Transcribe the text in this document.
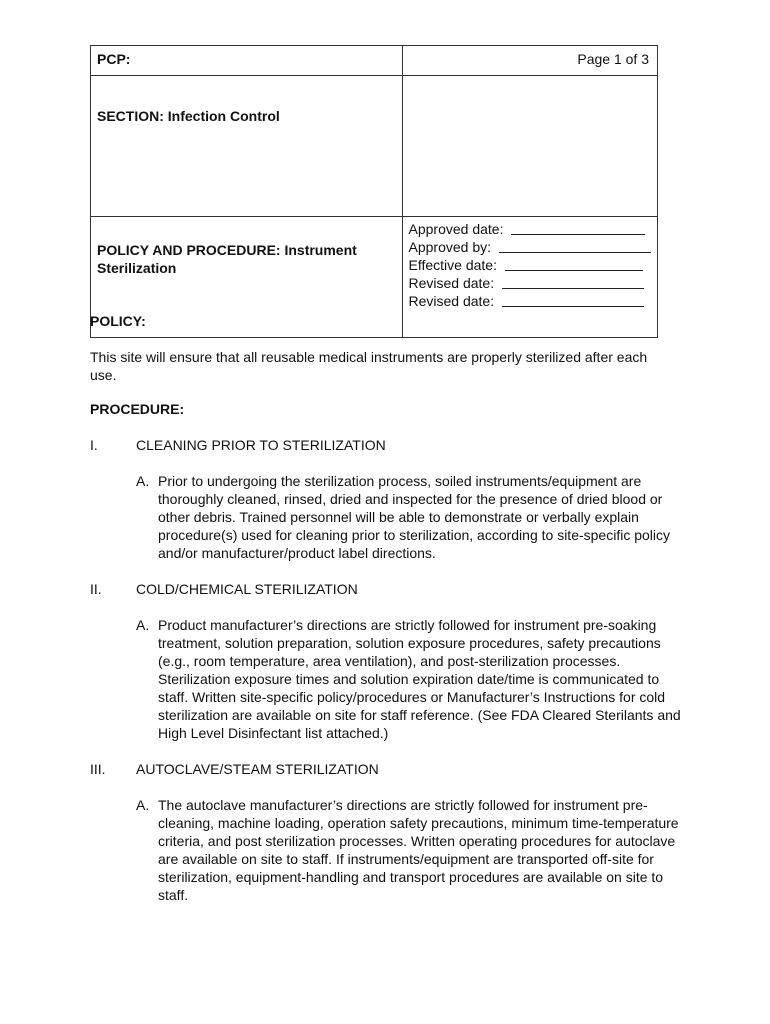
PCP:	Page 1 of 3
SECTION: Infection Control	
POLICY AND PROCEDURE: Instrument Sterilization	Approved date:
Approved by:
Effective date:
Revised date:
Revised date:

POLICY:

This site will ensure that all reusable medical instruments are properly sterilized after each use.

PROCEDURE:

I.	CLEANING PRIOR TO STERILIZATION
A. Prior to undergoing the sterilization process, soiled instruments/equipment are thoroughly cleaned, rinsed, dried and inspected for the presence of dried blood or other debris. Trained personnel will be able to demonstrate or verbally explain procedure(s) used for cleaning prior to sterilization, according to site-specific policy and/or manufacturer/product label directions.
II.	COLD/CHEMICAL STERILIZATION
A. Product manufacturer’s directions are strictly followed for instrument pre-soaking treatment, solution preparation, solution exposure procedures, safety precautions (e.g., room temperature, area ventilation), and post-sterilization processes. Sterilization exposure times and solution expiration date/time is communicated to staff. Written site-specific policy/procedures or Manufacturer’s Instructions for cold sterilization are available on site for staff reference. (See FDA Cleared Sterilants and High Level Disinfectant list attached.)
III.	AUTOCLAVE/STEAM STERILIZATION
A. The autoclave manufacturer’s directions are strictly followed for instrument pre-cleaning, machine loading, operation safety precautions, minimum time-temperature criteria, and post sterilization processes. Written operating procedures for autoclave are available on site to staff. If instruments/equipment are transported off-site for sterilization, equipment-handling and transport procedures are available on site to staff.
